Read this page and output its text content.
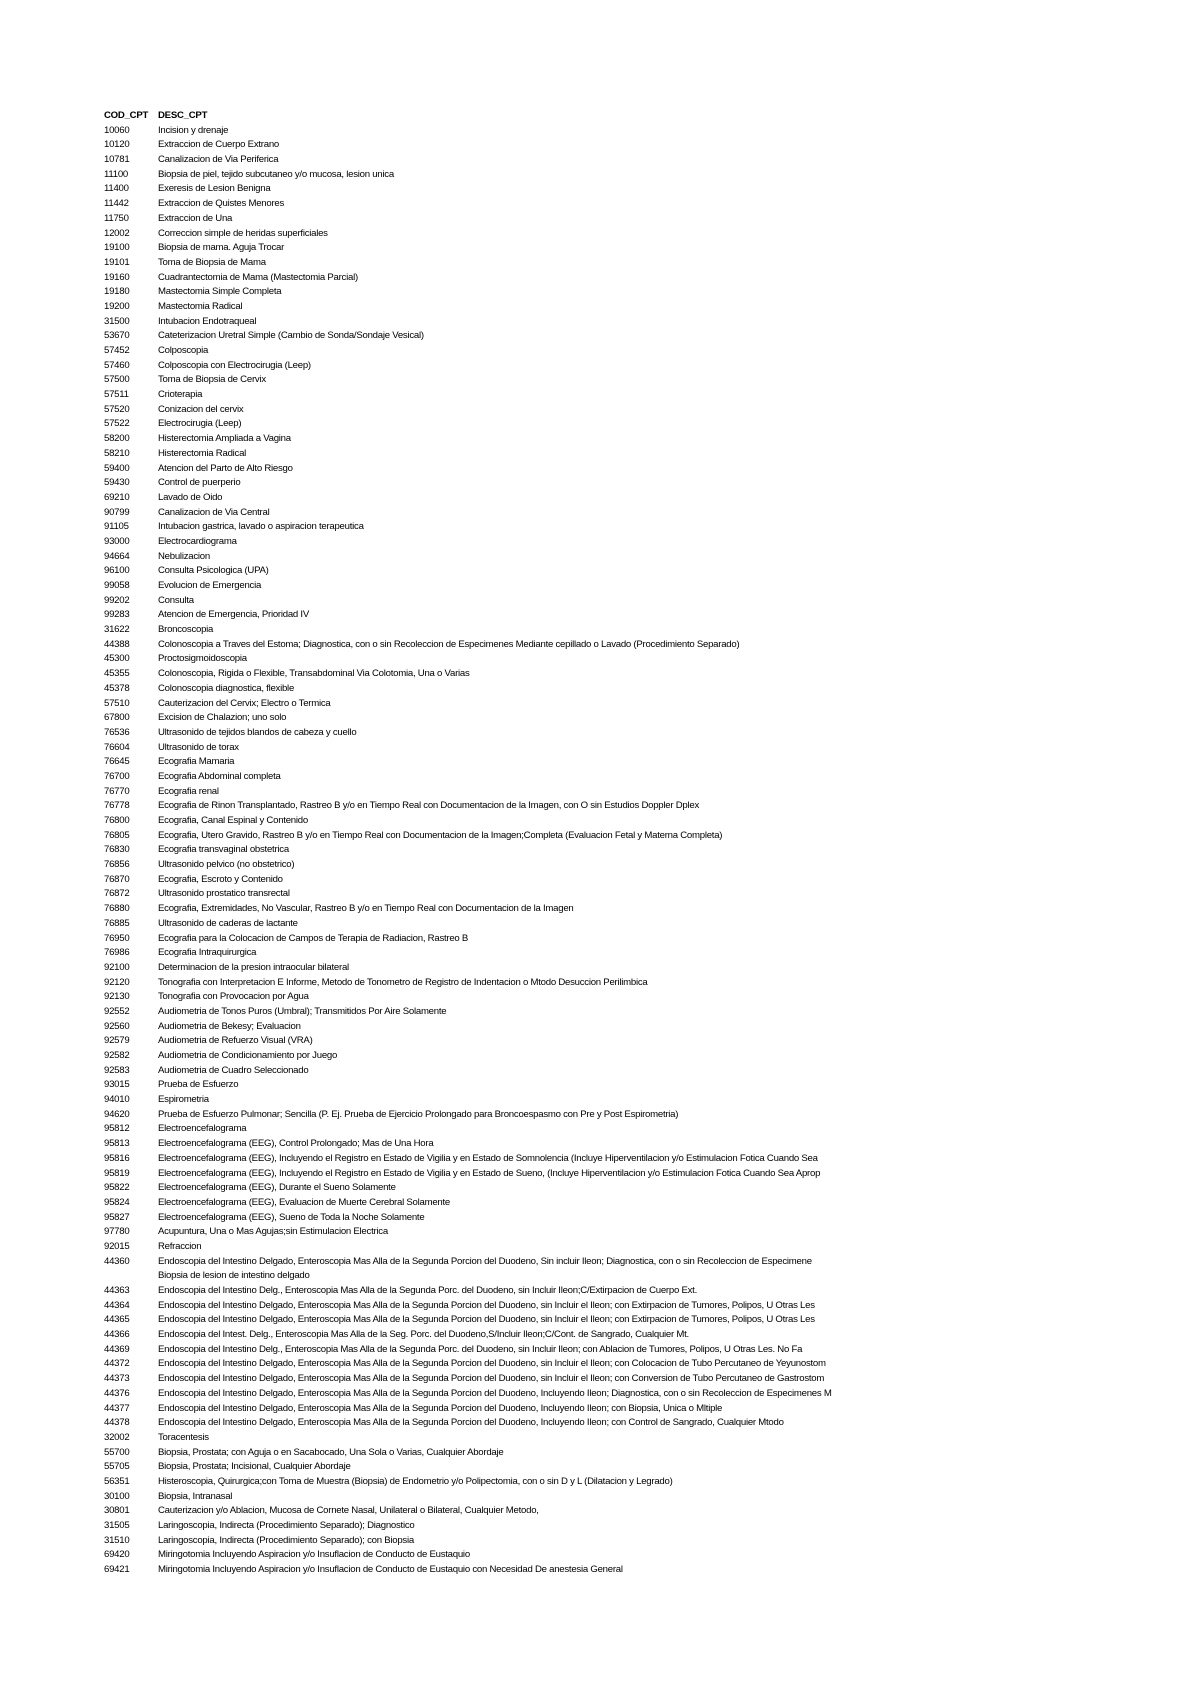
COD_CPT	DESC_CPT
10060	Incision y drenaje
10120	Extraccion de Cuerpo Extrano
10781	Canalizacion de Via Periferica
11100	Biopsia de piel, tejido subcutaneo y/o mucosa, lesion unica
11400	Exeresis de Lesion Benigna
11442	Extraccion de Quistes Menores
11750	Extraccion de Una
12002	Correccion simple de heridas superficiales
19100	Biopsia de mama. Aguja Trocar
19101	Toma de Biopsia de Mama
19160	Cuadrantectomia de Mama (Mastectomia Parcial)
19180	Mastectomia Simple Completa
19200	Mastectomia Radical
31500	Intubacion Endotraqueal
53670	Cateterizacion Uretral Simple (Cambio de Sonda/Sondaje Vesical)
57452	Colposcopia
57460	Colposcopia con Electrocirugia (Leep)
57500	Toma de Biopsia de Cervix
57511	Crioterapia
57520	Conizacion del cervix
57522	Electrocirugia (Leep)
58200	Histerectomia Ampliada a Vagina
58210	Histerectomia Radical
59400	Atencion del Parto de Alto Riesgo
59430	Control de puerperio
69210	Lavado de Oido
90799	Canalizacion de Via Central
91105	Intubacion gastrica, lavado o aspiracion terapeutica
93000	Electrocardiograma
94664	Nebulizacion
96100	Consulta Psicologica (UPA)
99058	Evolucion de Emergencia
99202	Consulta
99283	Atencion de Emergencia, Prioridad IV
31622	Broncoscopia
44388	Colonoscopia a Traves del Estoma; Diagnostica, con o sin Recoleccion de Especimenes Mediante cepillado o Lavado (Procedimiento Separado)
45300	Proctosigmoidoscopia
45355	Colonoscopia, Rigida o Flexible, Transabdominal Via Colotomia, Una o Varias
45378	Colonoscopia diagnostica, flexible
57510	Cauterizacion del Cervix; Electro o Termica
67800	Excision de Chalazion; uno solo
76536	Ultrasonido de tejidos blandos de cabeza y cuello
76604	Ultrasonido de torax
76645	Ecografia Mamaria
76700	Ecografia Abdominal completa
76770	Ecografia renal
76778	Ecografia de Rinon Transplantado, Rastreo B y/o en Tiempo Real con Documentacion de la Imagen, con O sin Estudios Doppler Dplex
76800	Ecografia, Canal Espinal y Contenido
76805	Ecografia, Utero Gravido, Rastreo B y/o en Tiempo Real con Documentacion de la Imagen;Completa (Evaluacion Fetal y Materna Completa)
76830	Ecografia transvaginal obstetrica
76856	Ultrasonido pelvico (no obstetrico)
76870	Ecografia, Escroto y Contenido
76872	Ultrasonido prostatico transrectal
76880	Ecografia, Extremidades, No Vascular, Rastreo B y/o en Tiempo Real con Documentacion de la Imagen
76885	Ultrasonido de caderas de lactante
76950	Ecografia para la Colocacion de Campos de Terapia de Radiacion, Rastreo B
76986	Ecografia Intraquirurgica
92100	Determinacion de la presion intraocular bilateral
92120	Tonografia con Interpretacion E Informe, Metodo de Tonometro de Registro de Indentacion o Mtodo Desuccion Perilimbica
92130	Tonografia con Provocacion por Agua
92552	Audiometria de Tonos Puros (Umbral); Transmitidos Por Aire Solamente
92560	Audiometria de Bekesy; Evaluacion
92579	Audiometria de Refuerzo Visual (VRA)
92582	Audiometria de Condicionamiento por Juego
92583	Audiometria de Cuadro Seleccionado
93015	Prueba de Esfuerzo
94010	Espirometria
94620	Prueba de Esfuerzo Pulmonar; Sencilla (P. Ej. Prueba de Ejercicio Prolongado para Broncoespasmo con Pre y Post Espirometria)
95812	Electroencefalograma
95813	Electroencefalograma (EEG), Control Prolongado; Mas de Una Hora
95816	Electroencefalograma (EEG), Incluyendo el Registro en Estado de Vigilia y en Estado de Somnolencia (Incluye Hiperventilacion y/o Estimulacion Fotica Cuando Sea
95819	Electroencefalograma (EEG), Incluyendo el Registro en Estado de Vigilia y en Estado de Sueno, (Incluye Hiperventilacion y/o Estimulacion Fotica Cuando Sea Aprop
95822	Electroencefalograma (EEG), Durante el Sueno Solamente
95824	Electroencefalograma (EEG), Evaluacion de Muerte Cerebral Solamente
95827	Electroencefalograma (EEG), Sueno de Toda la Noche Solamente
97780	Acupuntura, Una o Mas Agujas;sin Estimulacion Electrica
92015	Refraccion
44360	Endoscopia del Intestino Delgado, Enteroscopia Mas Alla de la Segunda Porcion del Duodeno, Sin incluir Ileon; Diagnostica, con o sin Recoleccion de Especimene
Biopsia de lesion de intestino delgado
44363	Endoscopia del Intestino Delg., Enteroscopia Mas Alla de la Segunda Porc. del Duodeno, sin Incluir Ileon;C/Extirpacion de Cuerpo Ext.
44364	Endoscopia del Intestino Delgado, Enteroscopia Mas Alla de la Segunda Porcion del Duodeno, sin Incluir el Ileon; con Extirpacion de Tumores, Polipos, U Otras Les
44365	Endoscopia del Intestino Delgado, Enteroscopia Mas Alla de la Segunda Porcion del Duodeno, sin Incluir el Ileon; con Extirpacion de Tumores, Polipos, U Otras Les
44366	Endoscopia del Intest. Delg., Enteroscopia Mas Alla de la Seg. Porc. del Duodeno,S/Incluir Ileon;C/Cont. de Sangrado, Cualquier Mt.
44369	Endoscopia del Intestino Delg., Enteroscopia Mas Alla de la Segunda Porc. del Duodeno, sin Incluir Ileon; con Ablacion de Tumores, Polipos, U Otras Les. No Fa
44372	Endoscopia del Intestino Delgado, Enteroscopia Mas Alla de la Segunda Porcion del Duodeno, sin Incluir el Ileon; con Colocacion de Tubo Percutaneo de Yeyunostom
44373	Endoscopia del Intestino Delgado, Enteroscopia Mas Alla de la Segunda Porcion del Duodeno, sin Incluir el Ileon; con Conversion de Tubo Percutaneo de Gastrostom
44376	Endoscopia del Intestino Delgado, Enteroscopia Mas Alla de la Segunda Porcion del Duodeno, Incluyendo Ileon; Diagnostica, con o sin Recoleccion de Especimenes M
44377	Endoscopia del Intestino Delgado, Enteroscopia Mas Alla de la Segunda Porcion del Duodeno, Incluyendo Ileon; con Biopsia, Unica o Mltiple
44378	Endoscopia del Intestino Delgado, Enteroscopia Mas Alla de la Segunda Porcion del Duodeno, Incluyendo Ileon; con Control de Sangrado, Cualquier Mtodo
32002	Toracentesis
55700	Biopsia, Prostata; con Aguja o en Sacabocado, Una Sola o Varias, Cualquier Abordaje
55705	Biopsia, Prostata; Incisional, Cualquier Abordaje
56351	Histeroscopia, Quirurgica;con Toma de Muestra (Biopsia) de Endometrio y/o Polipectomia, con o sin D y L (Dilatacion y Legrado)
30100	Biopsia, Intranasal
30801	Cauterizacion y/o Ablacion, Mucosa de Cornete Nasal, Unilateral o Bilateral, Cualquier Metodo,
31505	Laringoscopia, Indirecta (Procedimiento Separado); Diagnostico
31510	Laringoscopia, Indirecta (Procedimiento Separado); con Biopsia
69420	Miringotomia Incluyendo Aspiracion y/o Insuflacion de Conducto de Eustaquio
69421	Miringotomia Incluyendo Aspiracion y/o Insuflacion de Conducto de Eustaquio con Necesidad De anestesia General
